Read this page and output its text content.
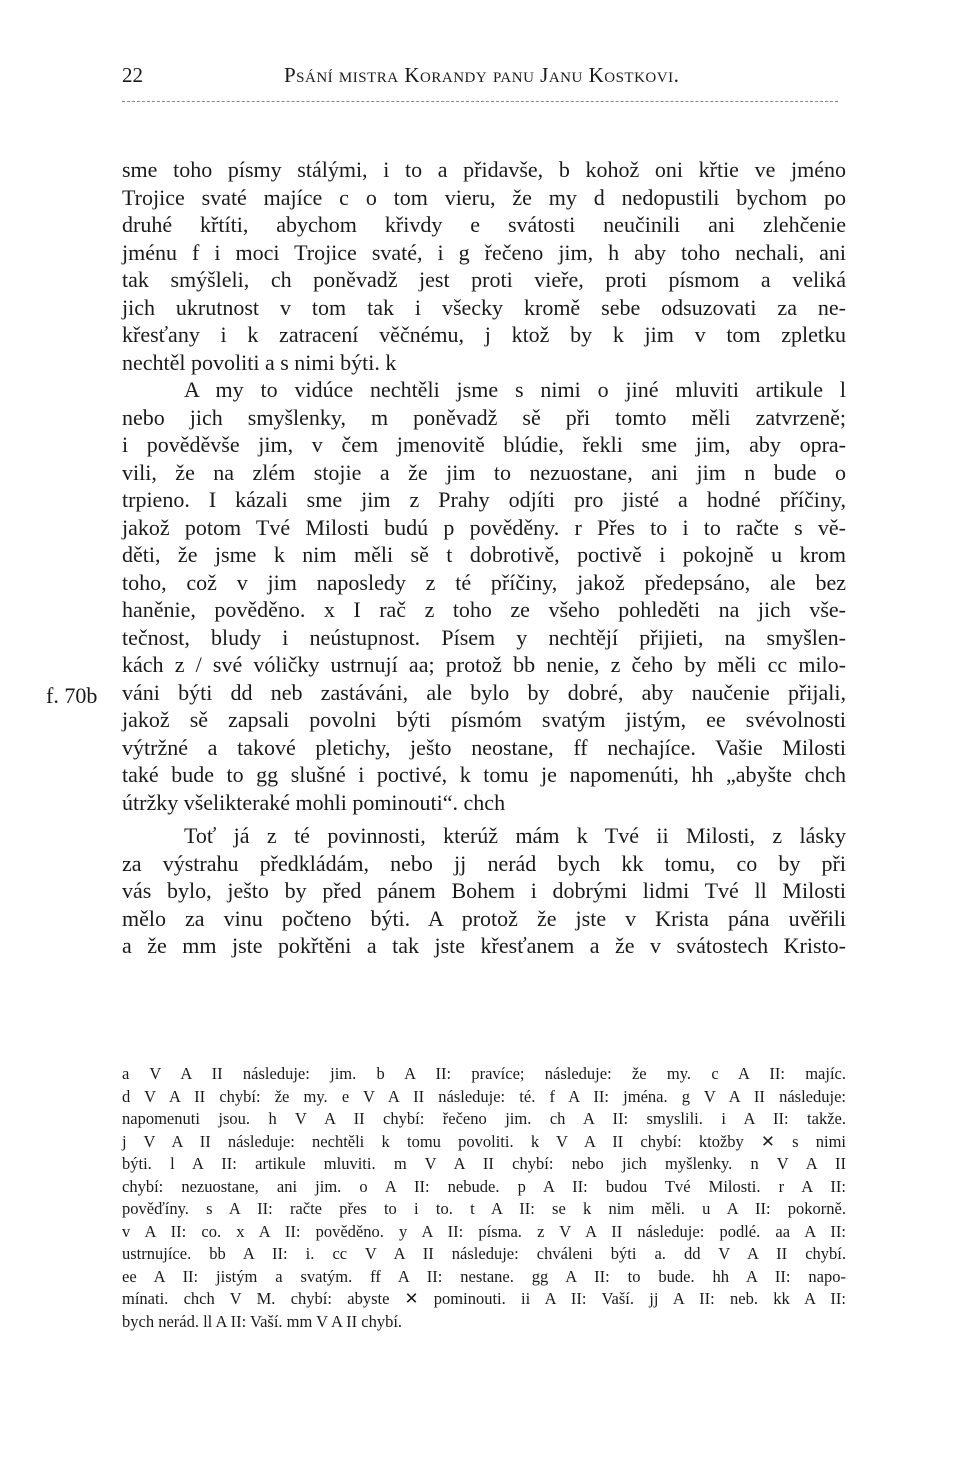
22	Psání mistra Korandy panu Janu Kostkovi.
f. 70b
sme toho písmy stálými, i to a přidavše, b kohož oni křtie ve jméno
Trojice svaté majíce c o tom vieru, že my d nedopustili bychom po
druhé křtíti, abychom křivdy e svátosti neučinili ani zlehčenie
jménu f i moci Trojice svaté, i g řečeno jim, h aby toho nechali, ani
tak smýšleli, ch poněvadž jest proti vieře, proti písmom a veliká
jich ukrutnost v tom tak i všecky kromě sebe odsuzovati za ne-
křesťany i k zatracení věčnému, j ktož by k jim v tom zpletku
nechtěl povoliti a s nimi býti. k
A my to vidúce nechtěli jsme s nimi o jiné mluviti artikule l
nebo jich smyšlenky, m poněvadž sě při tomto měli zatvrzeně;
i pověděvše jim, v čem jmenovitě blúdie, řekli sme jim, aby opra-
vili, že na zlém stojie a že jim to nezuostane, ani jim n bude o
trpieno. I kázali sme jim z Prahy odjíti pro jisté a hodné příčiny,
jakož potom Tvé Milosti budú p pověděny. r Přes to i to račte s vě-
děti, že jsme k nim měli sě t dobrotivě, poctivě i pokojně u krom
toho, což v jim naposledy z té příčiny, jakož předepsáno, ale bez
haněnie, pověděno. x I rač z toho ze všeho pohleděti na jich vše-
tečnost, bludy i neústupnost. Písem y nechtějí přijieti, na smyšlen-
kách z / své vóličky ustrnují aa; protož bb nenie, z čeho by měli cc milo-
váni býti dd neb zastáváni, ale bylo by dobré, aby naučenie přijali,
jakož sě zapsali povolni býti písmóm svatým jistým, ee svévolnosti
výtržné a takové pletichy, ješto neostane, ff nechajíce. Vašie Milosti
také bude to gg slušné i poctivé, k tomu je napomenúti, hh „abyšte chch
útržky všelikteraké mohli pominouti“. chch
Toť já z té povinnosti, kterúž mám k Tvé ii Milosti, z lásky
za výstrahu předkládám, nebo jj nerád bych kk tomu, co by při
vás bylo, ješto by před pánem Bohem i dobrými lidmi Tvé ll Milosti
mělo za vinu počteno býti. A protož že jste v Krista pána uvěřili
a že mm jste pokřtěni a tak jste křesťanem a že v svátostech Kristo-
a V A II následuje: jim. b A II: pravíce; následuje: že my. c A II: majíc.
d V A II chybí: že my. e V A II následuje: té. f A II: jména. g V A II následuje:
napomenuti jsou. h V A II chybí: řečeno jim. ch A II: smyslili. i A II: takže.
j V A II následuje: nechtěli k tomu povoliti. k V A II chybí: ktožby ✕ s nimi
býti. l A II: artikule mluviti. m V A II chybí: nebo jich myšlenky. n V A II
chybí: nezuostane, ani jim. o A II: nebude. p A II: budou Tvé Milosti. r A II:
pověďíny. s A II: račte přes to i to. t A II: se k nim měli. u A II: pokorně.
v A II: co. x A II: pověděno. y A II: písma. z V A II následuje: podlé. aa A II:
ustrnujíce. bb A II: i. cc V A II následuje: chváleni býti a. dd V A II chybí.
ee A II: jistým a svatým. ff A II: nestane. gg A II: to bude. hh A II: napo-
mínati. chch V M. chybí: abyste ✕ pominouti. ii A II: Vaší. jj A II: neb. kk A II:
bych nerád. ll A II: Vaší. mm V A II chybí.
